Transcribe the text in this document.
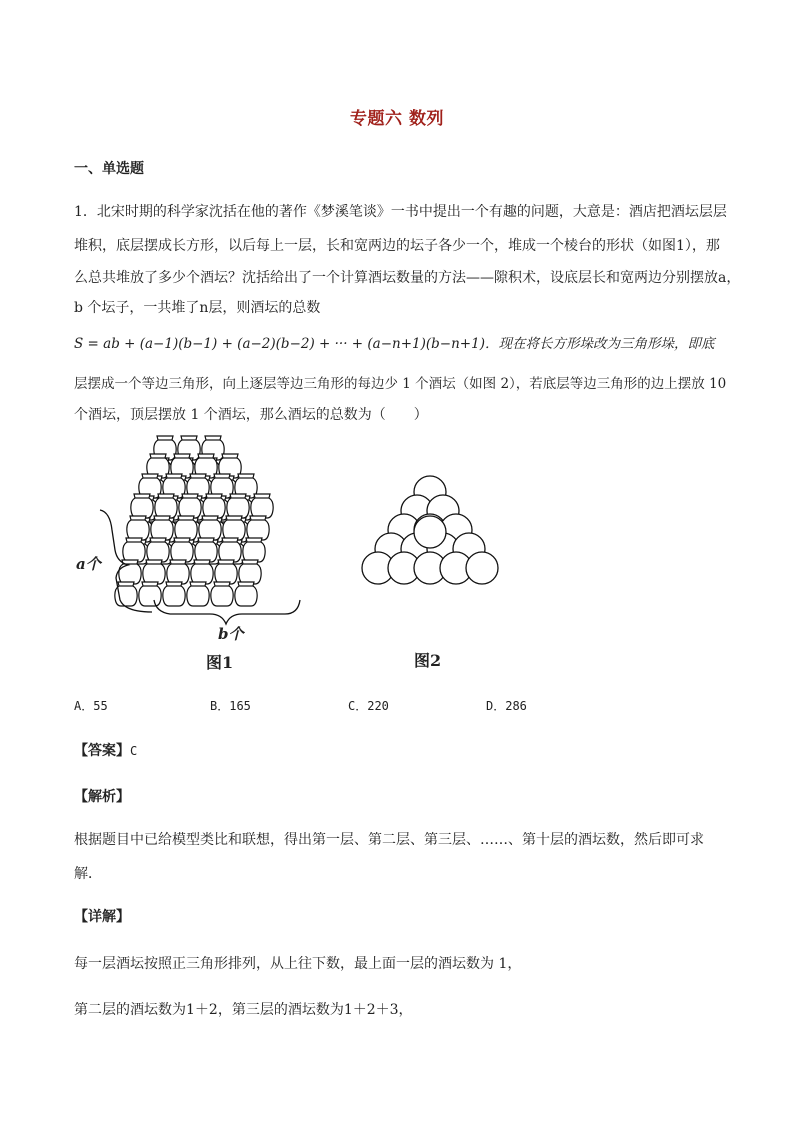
专题六 数列
一、单选题
1．北宋时期的科学家沈括在他的著作《梦溪笔谈》一书中提出一个有趣的问题，大意是：酒店把酒坛层层
堆积，底层摆成长方形，以后每上一层，长和宽两边的坛子各少一个，堆成一个棱台的形状（如图1），那
么总共堆放了多少个酒坛？沈括给出了一个计算酒坛数量的方法——隙积术，设底层长和宽两边分别摆放a，
b 个坛子，一共堆了n层，则酒坛的总数
S = ab + (a−1)(b−1) + (a−2)(b−2) + ··· + (a−n+1)(b−n+1)．现在将长方形垛改为三角形垛，即底
层摆成一个等边三角形，向上逐层等边三角形的每边少 1 个酒坛（如图 2），若底层等边三角形的边上摆放 10
个酒坛，顶层摆放 1 个酒坛，那么酒坛的总数为（　　）
a个
b个
图1	图2
A．55	B．165	C．220	D．286
【答案】C
【解析】
根据题目中已给模型类比和联想，得出第一层、第二层、第三层、……、第十层的酒坛数，然后即可求
解．
【详解】
每一层酒坛按照正三角形排列，从上往下数，最上面一层的酒坛数为 1，
第二层的酒坛数为1＋2，第三层的酒坛数为1＋2＋3，
